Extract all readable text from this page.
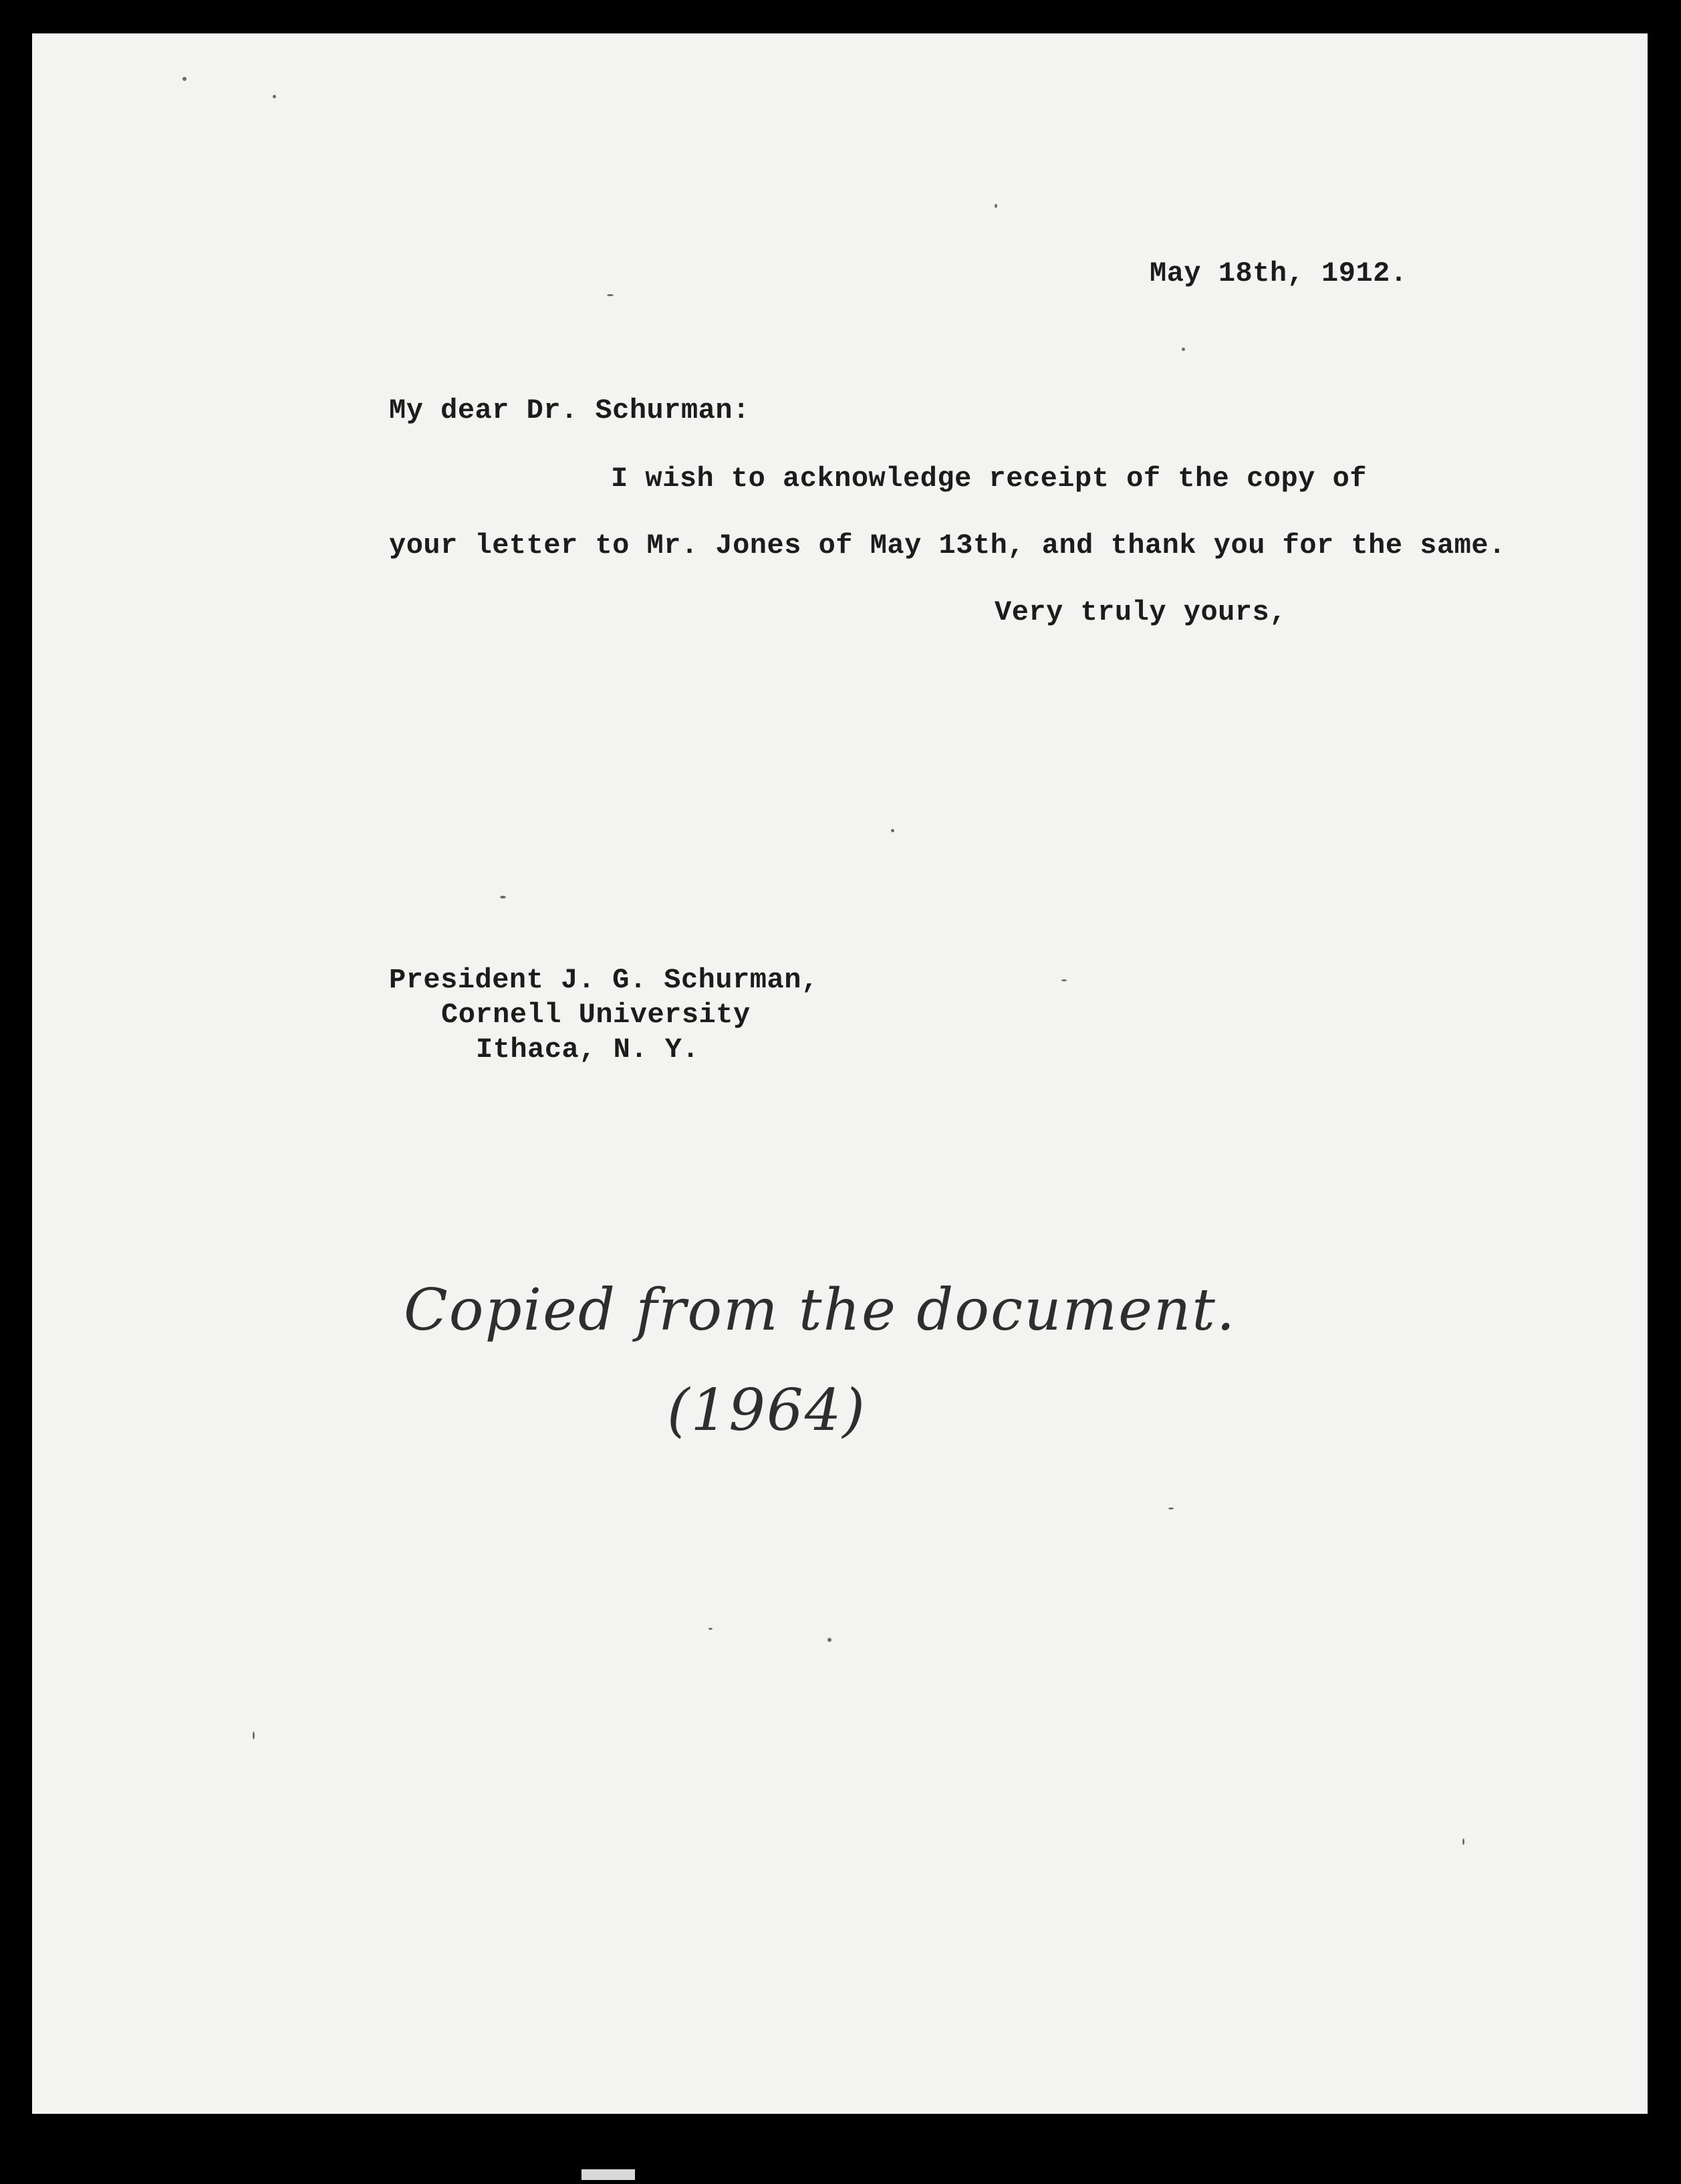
May 18th, 1912.

My dear Dr. Schurman:

I wish to acknowledge receipt of the copy of

your letter to Mr. Jones of May 13th, and thank you for the same.

Very truly yours,

President J. G. Schurman,

Cornell University

Ithaca, N. Y.

Copied from the document.

(1964)
